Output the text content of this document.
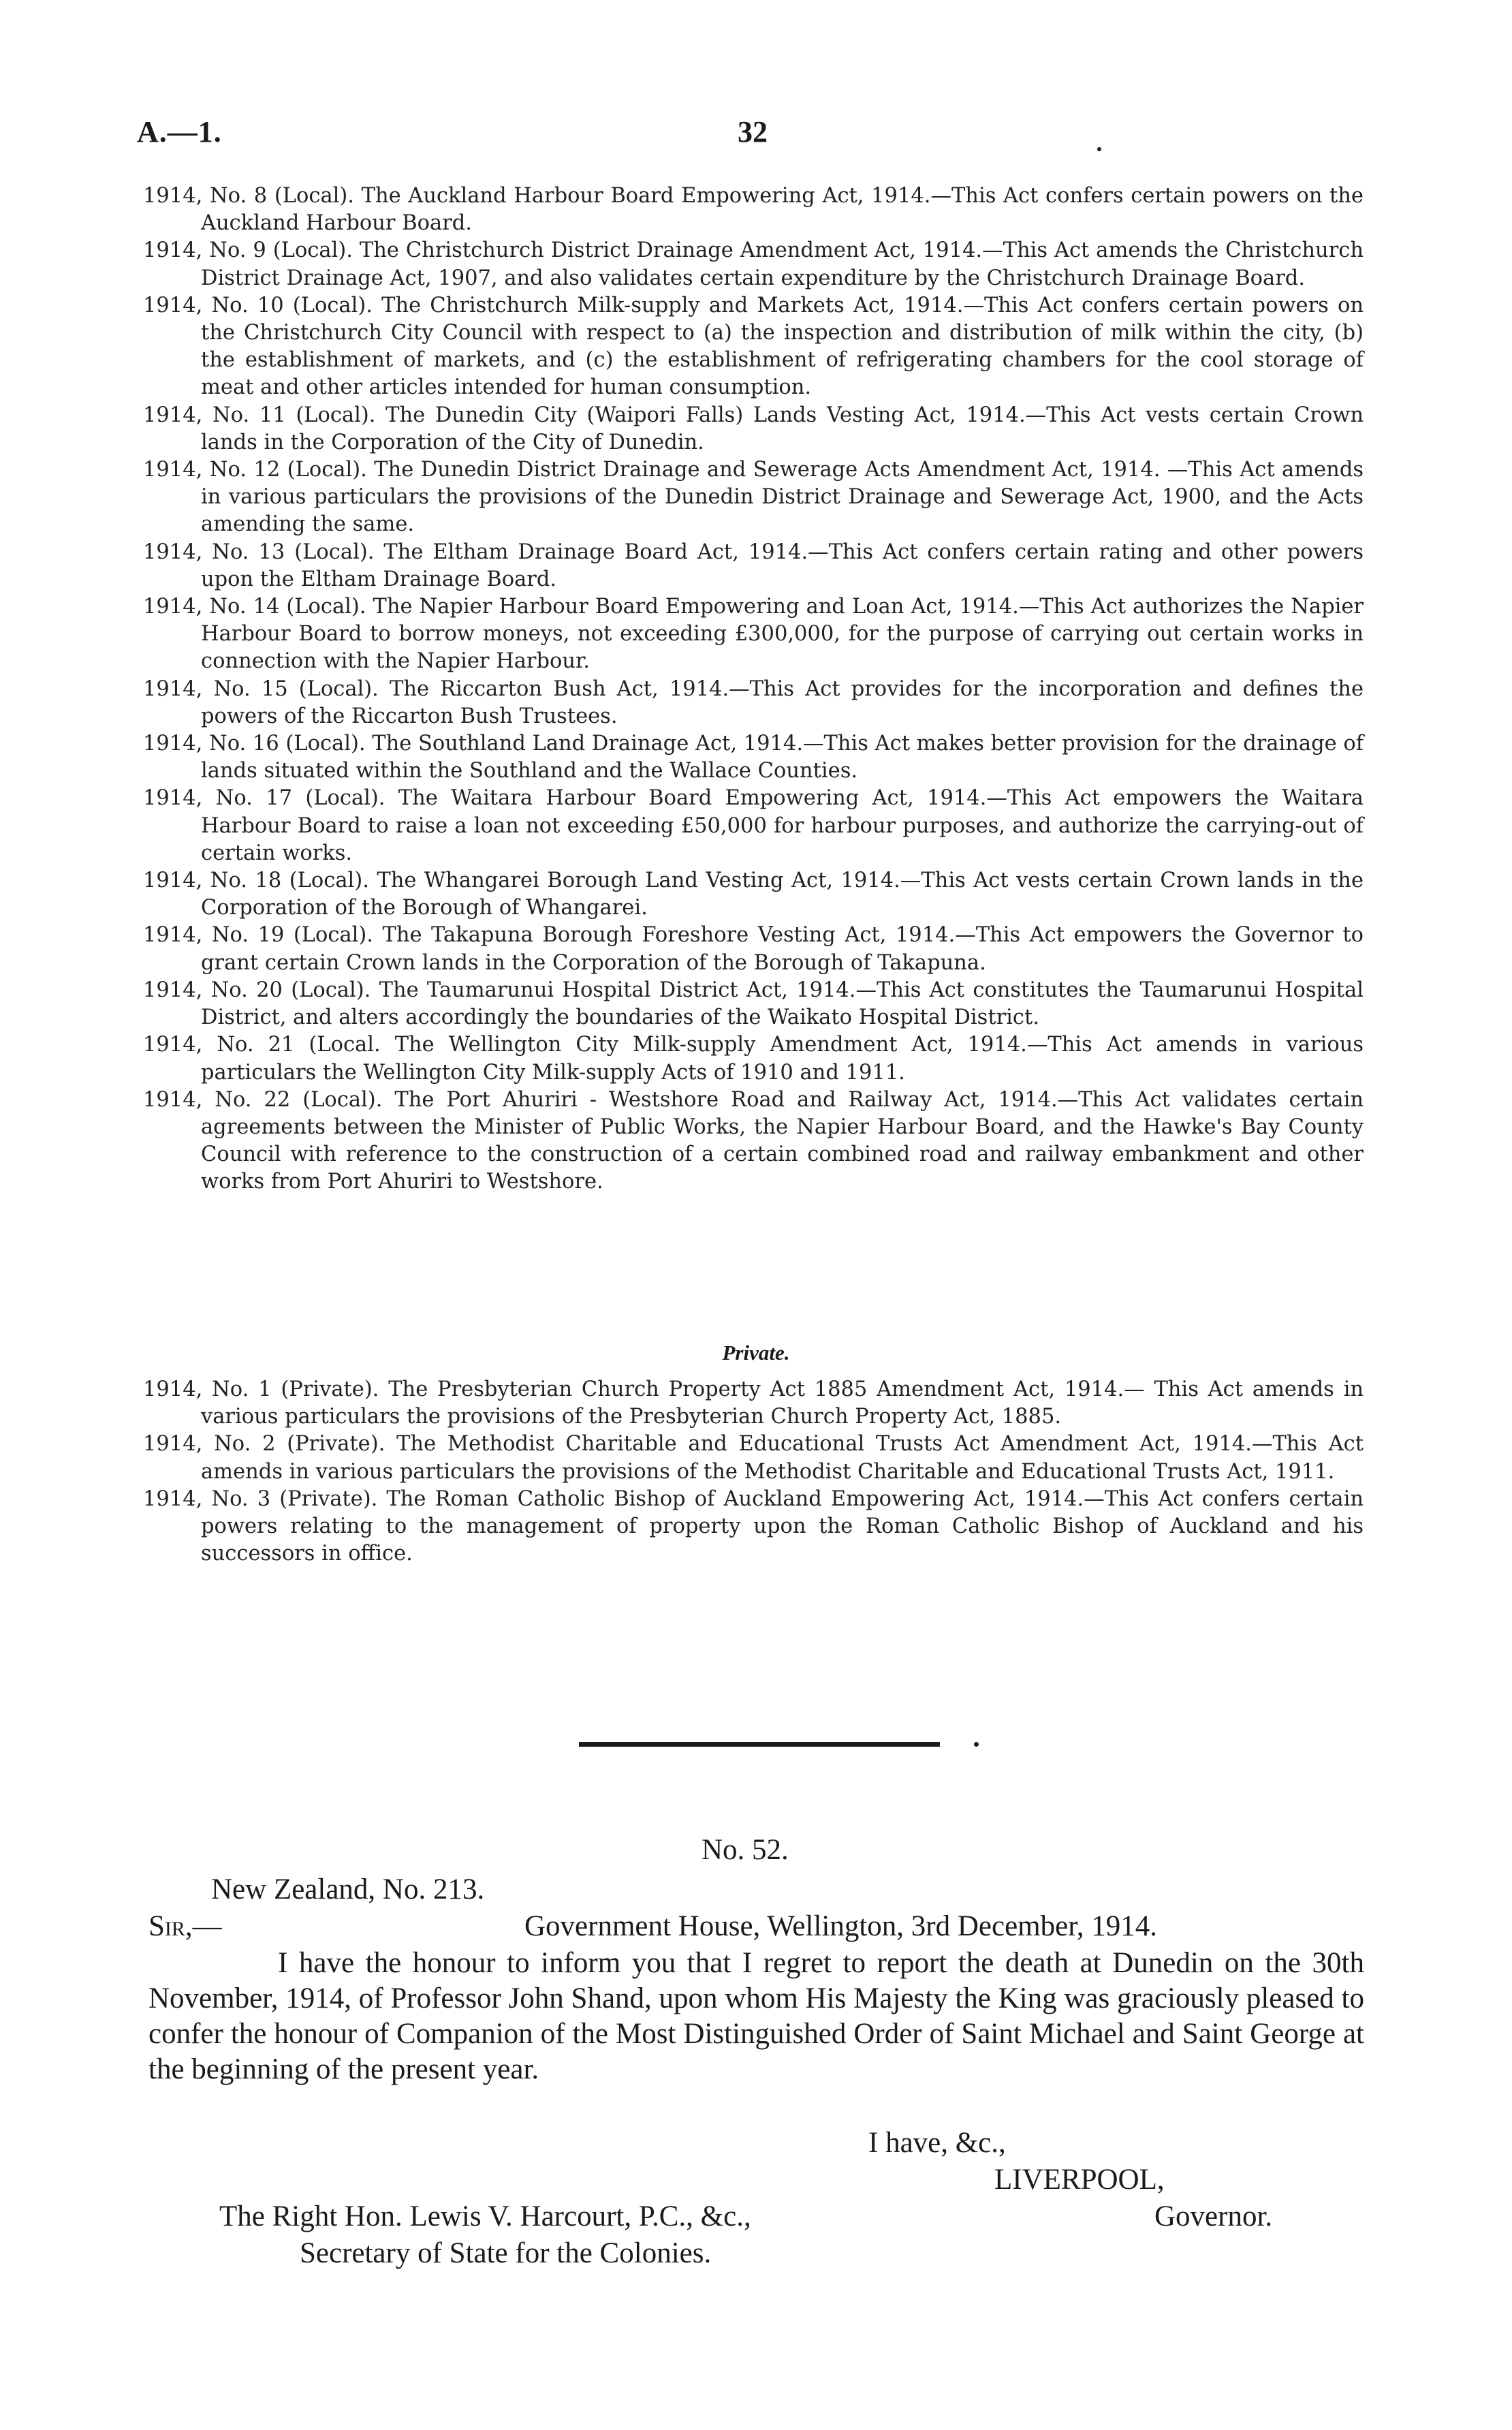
A.—1.	32

1914, No. 8 (Local). The Auckland Harbour Board Empowering Act, 1914.—This Act confers certain powers on the Auckland Harbour Board.

1914, No. 9 (Local). The Christchurch District Drainage Amendment Act, 1914.—This Act amends the Christchurch District Drainage Act, 1907, and also validates certain expenditure by the Christchurch Drainage Board.

1914, No. 10 (Local). The Christchurch Milk-supply and Markets Act, 1914.—This Act confers certain powers on the Christchurch City Council with respect to (a) the inspection and distribution of milk within the city, (b) the establishment of markets, and (c) the establishment of refrigerating chambers for the cool storage of meat and other articles intended for human consumption.

1914, No. 11 (Local). The Dunedin City (Waipori Falls) Lands Vesting Act, 1914.—This Act vests certain Crown lands in the Corporation of the City of Dunedin.

1914, No. 12 (Local). The Dunedin District Drainage and Sewerage Acts Amendment Act, 1914. —This Act amends in various particulars the provisions of the Dunedin District Drainage and Sewerage Act, 1900, and the Acts amending the same.

1914, No. 13 (Local). The Eltham Drainage Board Act, 1914.—This Act confers certain rating and other powers upon the Eltham Drainage Board.

1914, No. 14 (Local). The Napier Harbour Board Empowering and Loan Act, 1914.—This Act authorizes the Napier Harbour Board to borrow moneys, not exceeding £300,000, for the purpose of carrying out certain works in connection with the Napier Harbour.

1914, No. 15 (Local). The Riccarton Bush Act, 1914.—This Act provides for the incorporation and defines the powers of the Riccarton Bush Trustees.

1914, No. 16 (Local). The Southland Land Drainage Act, 1914.—This Act makes better provision for the drainage of lands situated within the Southland and the Wallace Counties.

1914, No. 17 (Local). The Waitara Harbour Board Empowering Act, 1914.—This Act empowers the Waitara Harbour Board to raise a loan not exceeding £50,000 for harbour purposes, and authorize the carrying-out of certain works.

1914, No. 18 (Local). The Whangarei Borough Land Vesting Act, 1914.—This Act vests certain Crown lands in the Corporation of the Borough of Whangarei.

1914, No. 19 (Local). The Takapuna Borough Foreshore Vesting Act, 1914.—This Act empowers the Governor to grant certain Crown lands in the Corporation of the Borough of Takapuna.

1914, No. 20 (Local). The Taumarunui Hospital District Act, 1914.—This Act constitutes the Taumarunui Hospital District, and alters accordingly the boundaries of the Waikato Hospital District.

1914, No. 21 (Local. The Wellington City Milk-supply Amendment Act, 1914.—This Act amends in various particulars the Wellington City Milk-supply Acts of 1910 and 1911.

1914, No. 22 (Local). The Port Ahuriri - Westshore Road and Railway Act, 1914.—This Act validates certain agreements between the Minister of Public Works, the Napier Harbour Board, and the Hawke's Bay County Council with reference to the construction of a certain combined road and railway embankment and other works from Port Ahuriri to Westshore.

Private.

1914, No. 1 (Private). The Presbyterian Church Property Act 1885 Amendment Act, 1914.— This Act amends in various particulars the provisions of the Presbyterian Church Property Act, 1885.

1914, No. 2 (Private). The Methodist Charitable and Educational Trusts Act Amendment Act, 1914.—This Act amends in various particulars the provisions of the Methodist Charitable and Educational Trusts Act, 1911.

1914, No. 3 (Private). The Roman Catholic Bishop of Auckland Empowering Act, 1914.—This Act confers certain powers relating to the management of property upon the Roman Catholic Bishop of Auckland and his successors in office.

No. 52.
New Zealand, No. 213.
Sir,—	Government House, Wellington, 3rd December, 1914.

I have the honour to inform you that I regret to report the death at Dunedin on the 30th November, 1914, of Professor John Shand, upon whom His Majesty the King was graciously pleased to confer the honour of Companion of the Most Distinguished Order of Saint Michael and Saint George at the beginning of the present year.

I have, &c.,
LIVERPOOL,
The Right Hon. Lewis V. Harcourt, P.C., &c.,	Governor.
Secretary of State for the Colonies.
